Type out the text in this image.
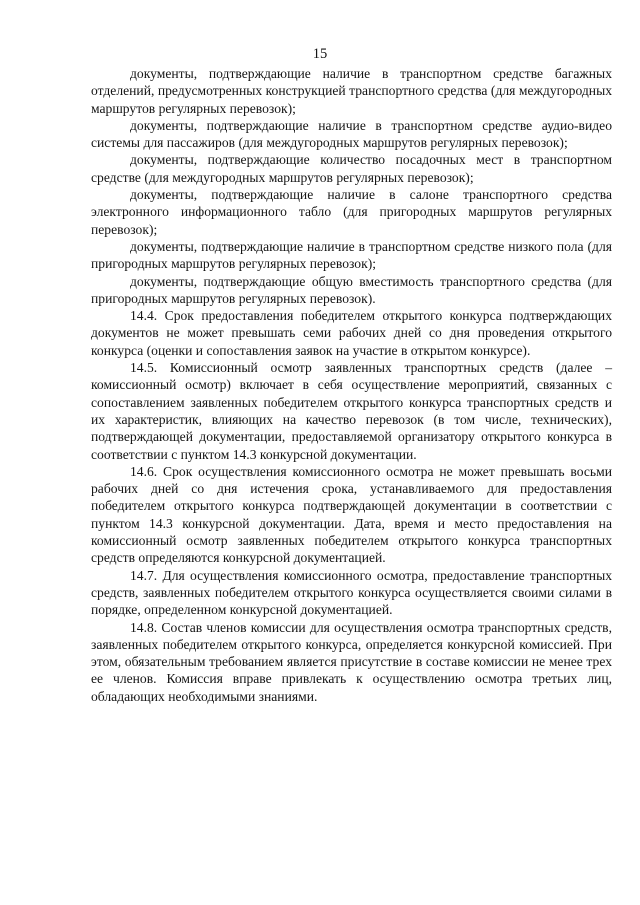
15

документы, подтверждающие наличие в транспортном средстве багажных отделений, предусмотренных конструкцией транспортного средства (для междугородных маршрутов регулярных перевозок);

документы, подтверждающие наличие в транспортном средстве аудио-видео системы для пассажиров (для междугородных маршрутов регулярных перевозок);

документы, подтверждающие количество посадочных мест в транспортном средстве (для междугородных маршрутов регулярных перевозок);

документы, подтверждающие наличие в салоне транспортного средства электронного информационного табло (для пригородных маршрутов регулярных перевозок);

документы, подтверждающие наличие в транспортном средстве низкого пола (для пригородных маршрутов регулярных перевозок);

документы, подтверждающие общую вместимость транспортного средства (для пригородных маршрутов регулярных перевозок).

14.4. Срок предоставления победителем открытого конкурса подтверждающих документов не может превышать семи рабочих дней со дня проведения открытого конкурса (оценки и сопоставления заявок на участие в открытом конкурсе).

14.5. Комиссионный осмотр заявленных транспортных средств (далее – комиссионный осмотр) включает в себя осуществление мероприятий, связанных с сопоставлением заявленных победителем открытого конкурса транспортных средств и их характеристик, влияющих на качество перевозок (в том числе, технических), подтверждающей документации, предоставляемой организатору открытого конкурса в соответствии с пунктом 14.3 конкурсной документации.

14.6. Срок осуществления комиссионного осмотра не может превышать восьми рабочих дней со дня истечения срока, устанавливаемого для предоставления победителем открытого конкурса подтверждающей документации в соответствии с пунктом 14.3 конкурсной документации. Дата, время и место предоставления на комиссионный осмотр заявленных победителем открытого конкурса транспортных средств определяются конкурсной документацией.

14.7. Для осуществления комиссионного осмотра, предоставление транспортных средств, заявленных победителем открытого конкурса осуществляется своими силами в порядке, определенном конкурсной документацией.

14.8. Состав членов комиссии для осуществления осмотра транспортных средств, заявленных победителем открытого конкурса, определяется конкурсной комиссией. При этом, обязательным требованием является присутствие в составе комиссии не менее трех ее членов. Комиссия вправе привлекать к осуществлению осмотра третьих лиц, обладающих необходимыми знаниями.
